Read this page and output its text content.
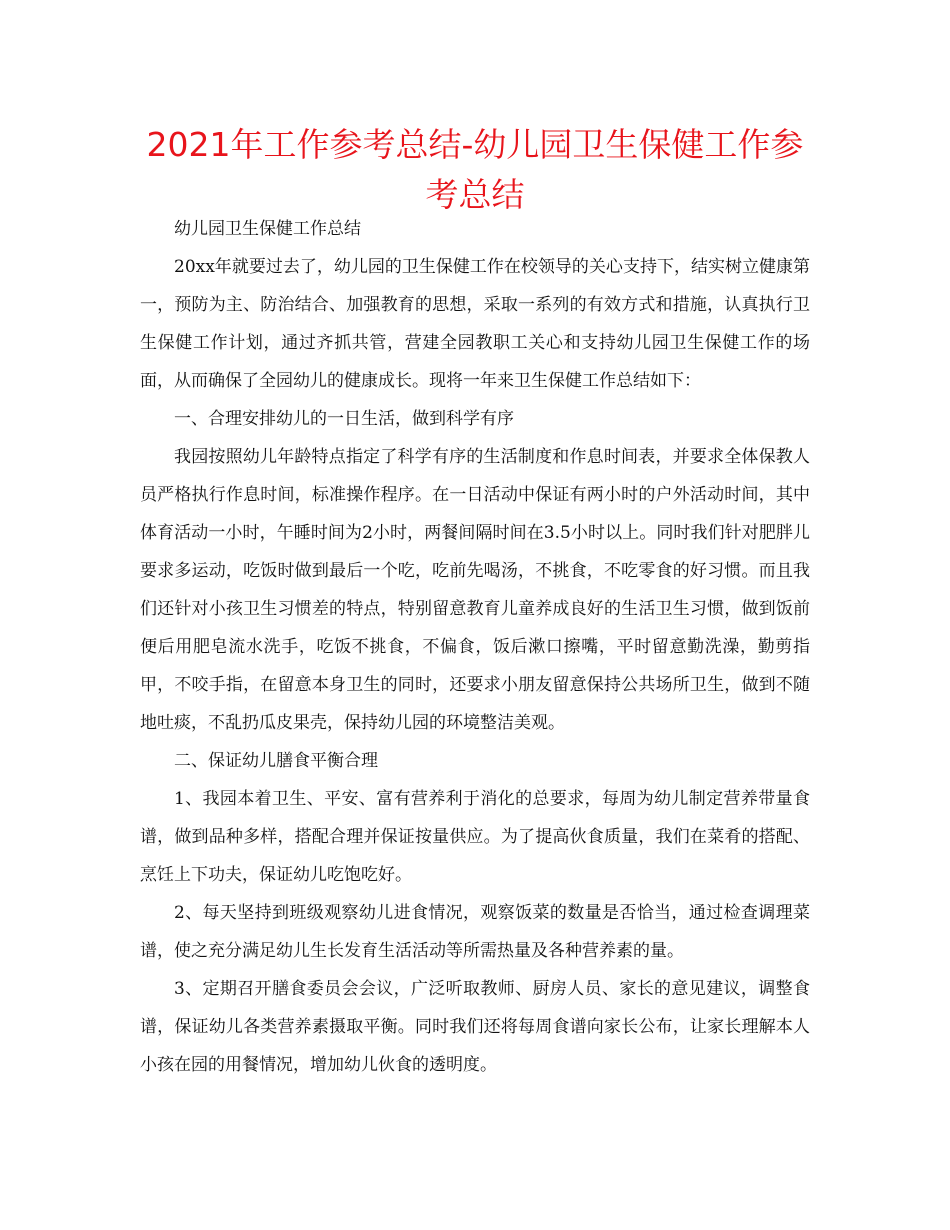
2021年工作参考总结-幼儿园卫生保健工作参考总结

幼儿园卫生保健工作总结

20xx年就要过去了，幼儿园的卫生保健工作在校领导的关心支持下，结实树立健康第一，预防为主、防治结合、加强教育的思想，采取一系列的有效方式和措施，认真执行卫生保健工作计划，通过齐抓共管，营建全园教职工关心和支持幼儿园卫生保健工作的场面，从而确保了全园幼儿的健康成长。现将一年来卫生保健工作总结如下：

一、合理安排幼儿的一日生活，做到科学有序

我园按照幼儿年龄特点指定了科学有序的生活制度和作息时间表，并要求全体保教人员严格执行作息时间，标准操作程序。在一日活动中保证有两小时的户外活动时间，其中体育活动一小时，午睡时间为2小时，两餐间隔时间在3.5小时以上。同时我们针对肥胖儿要求多运动，吃饭时做到最后一个吃，吃前先喝汤，不挑食，不吃零食的好习惯。而且我们还针对小孩卫生习惯差的特点，特别留意教育儿童养成良好的生活卫生习惯，做到饭前便后用肥皂流水洗手，吃饭不挑食，不偏食，饭后漱口擦嘴，平时留意勤洗澡，勤剪指甲，不咬手指，在留意本身卫生的同时，还要求小朋友留意保持公共场所卫生，做到不随地吐痰，不乱扔瓜皮果壳，保持幼儿园的环境整洁美观。

二、保证幼儿膳食平衡合理

1、我园本着卫生、平安、富有营养利于消化的总要求，每周为幼儿制定营养带量食谱，做到品种多样，搭配合理并保证按量供应。为了提高伙食质量，我们在菜肴的搭配、烹饪上下功夫，保证幼儿吃饱吃好。

2、每天坚持到班级观察幼儿进食情况，观察饭菜的数量是否恰当，通过检查调理菜谱，使之充分满足幼儿生长发育生活活动等所需热量及各种营养素的量。

3、定期召开膳食委员会会议，广泛听取教师、厨房人员、家长的意见建议，调整食谱，保证幼儿各类营养素摄取平衡。同时我们还将每周食谱向家长公布，让家长理解本人小孩在园的用餐情况，增加幼儿伙食的透明度。
